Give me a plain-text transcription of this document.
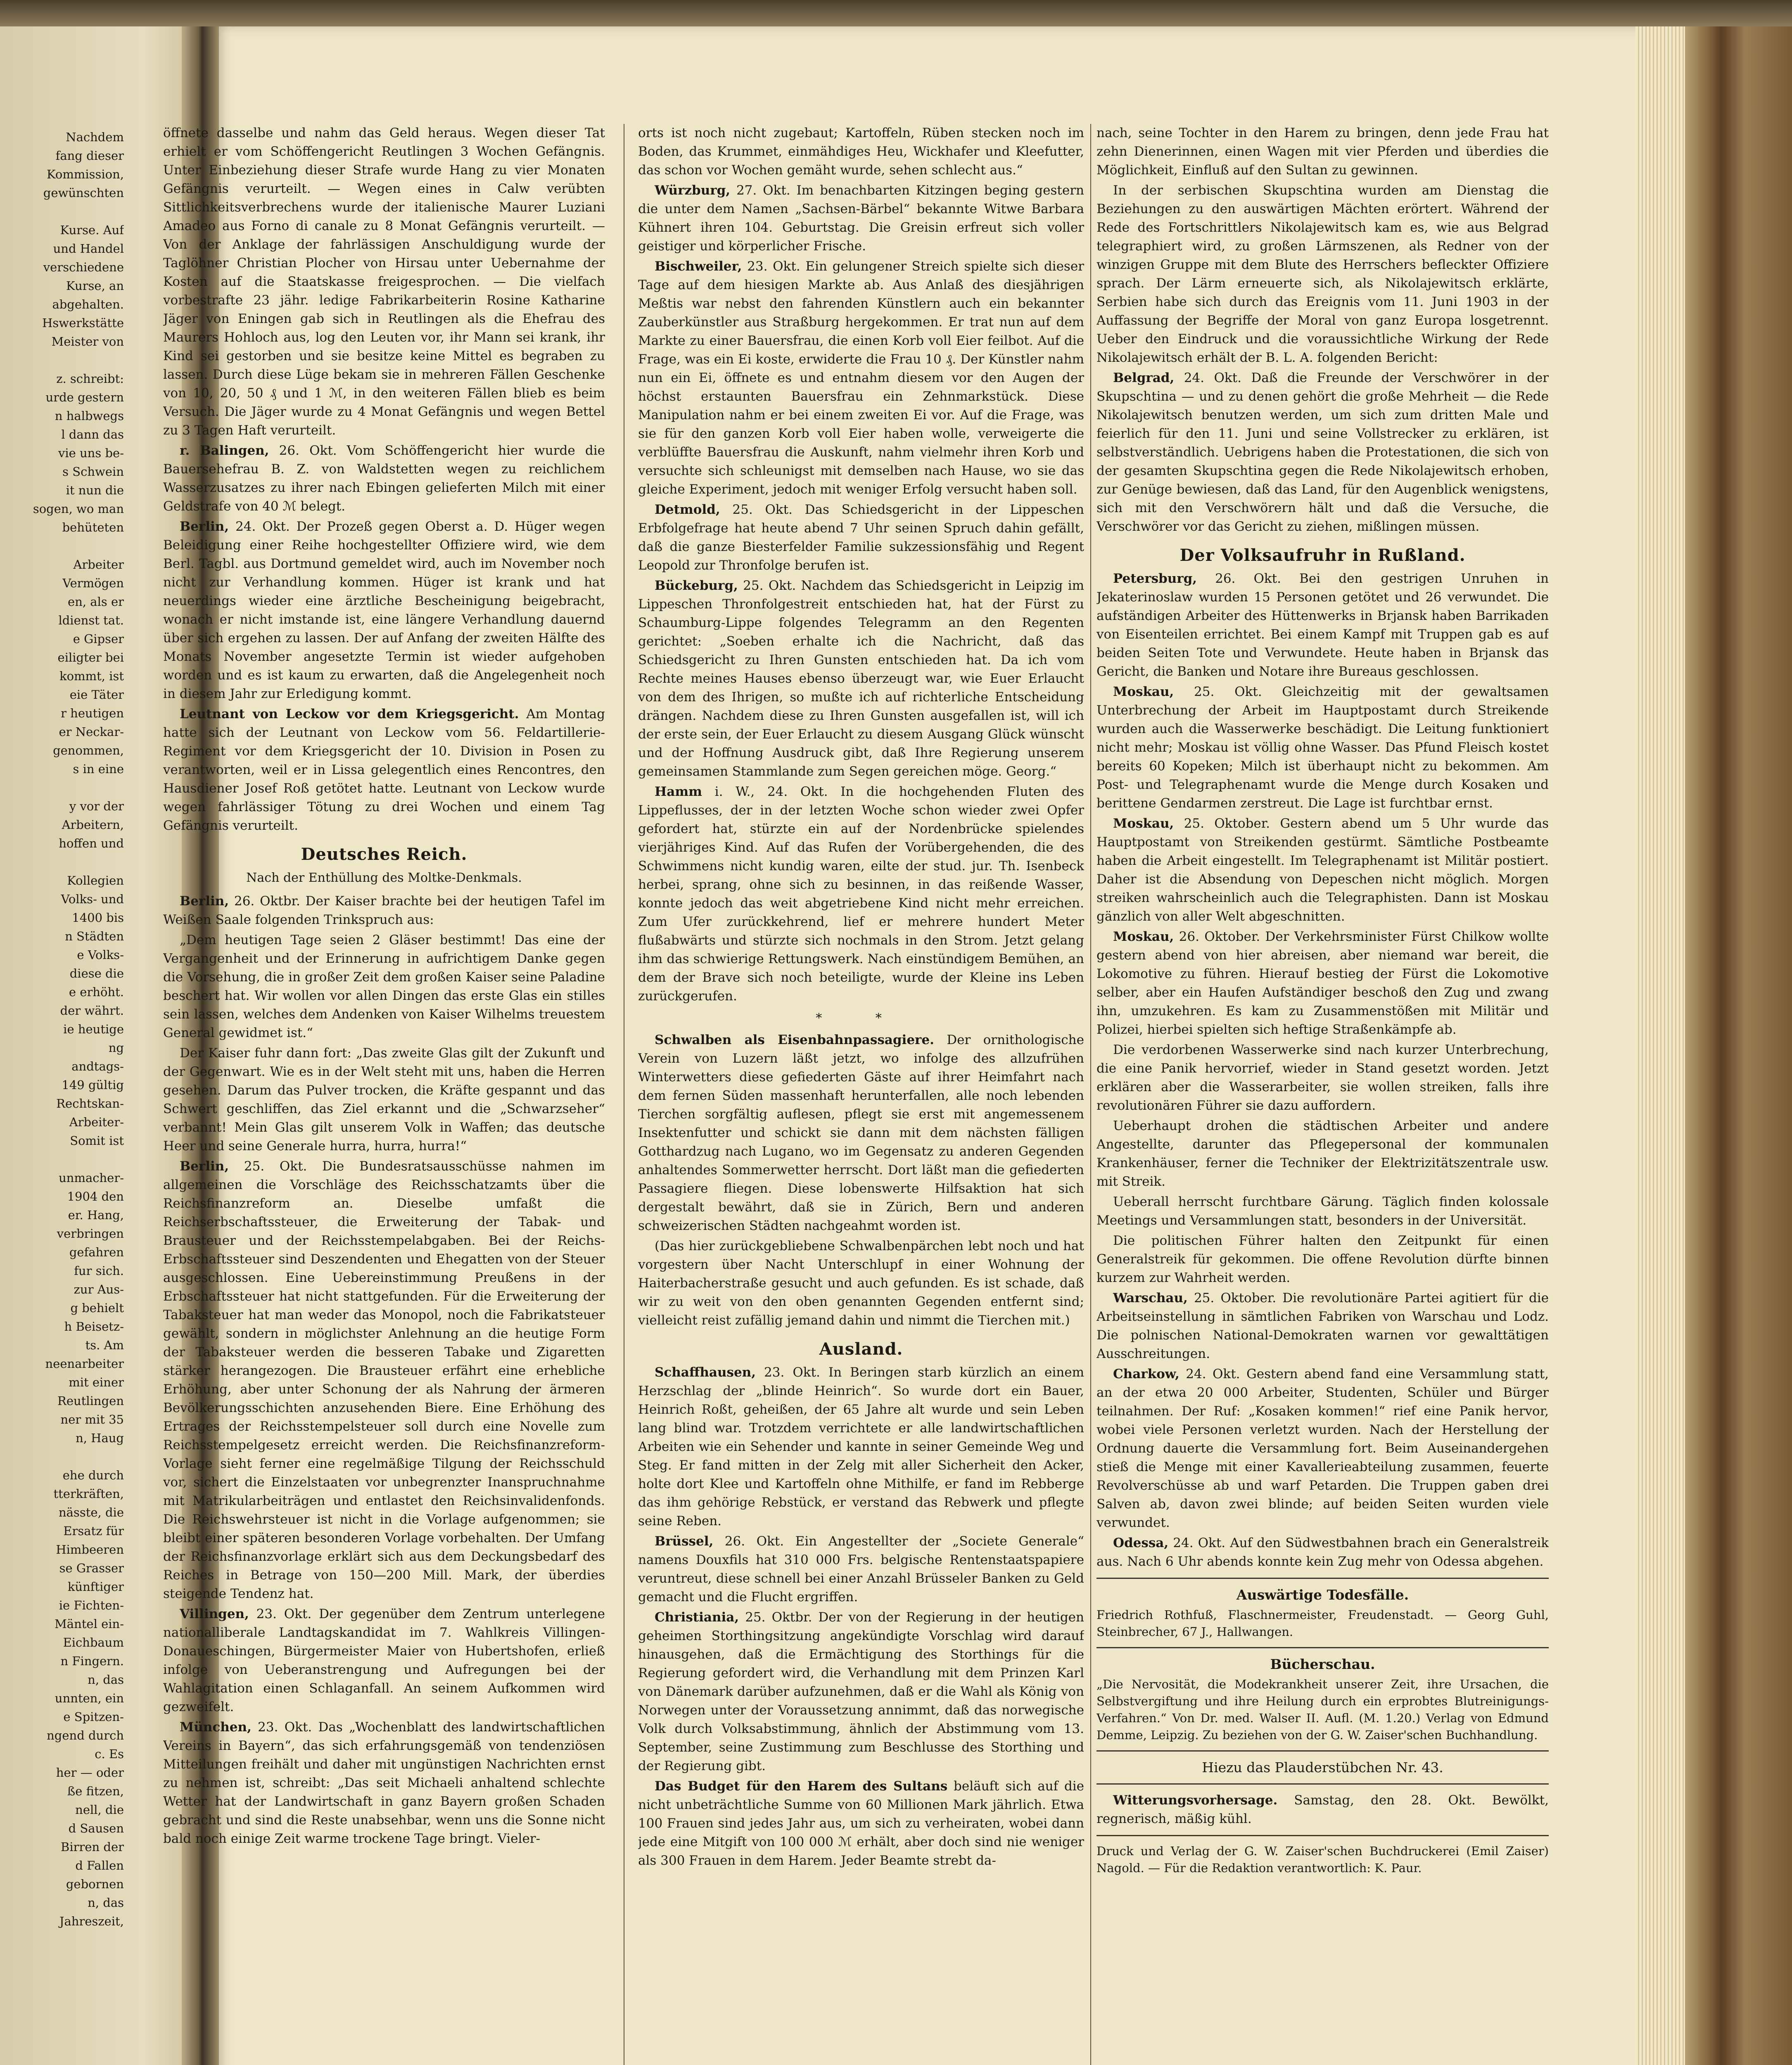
Nachdem

fang dieser

Kommission,

gewünschten

Kurse. Auf

und Handel

verschiedene

Kurse, an

abgehalten.

Hswerkstätte

Meister von

z. schreibt:

urde gestern

n halbwegs

l dann das

vie uns be-

s Schwein

it nun die

sogen, wo man

behüteten

Arbeiter

Vermögen

en, als er

ldienst tat.

e Gipser

eiligter bei

kommt, ist

eie Täter

r heutigen

er Neckar-

genommen,

s in eine

y vor der

Arbeitern,

hoffen und

Kollegien

Volks- und

1400 bis

n Städten

e Volks-

diese die

e erhöht.

der währt.

ie heutige

ng

andtags-

149 gültig

Rechtskan-

Arbeiter-

Somit ist

unmacher-

1904 den

er. Hang,

verbringen

gefahren

fur sich.

zur Aus-

g behielt

h Beisetz-

ts. Am

neenarbeiter

mit einer

Reutlingen

ner mit 35

n, Haug

ehe durch

tterkräften,

nässte, die

Ersatz für

Himbeeren

se Grasser

künftiger

ie Fichten-

Mäntel ein-

Eichbaum

n Fingern.

n, das

unnten, ein

e Spitzen-

ngend durch

c. Es

her — oder

ße fitzen,

nell, die

d Sausen

Birren der

d Fallen

gebornen

n, das

Jahreszeit,

öffnete dasselbe und nahm das Geld heraus. Wegen dieser Tat erhielt er vom Schöffengericht Reutlingen 3 Wochen Gefängnis. Unter Einbeziehung dieser Strafe wurde Hang zu vier Monaten Gefängnis verurteilt. — Wegen eines in Calw verübten Sittlichkeitsverbrechens wurde der italienische Maurer Luziani Amadeo aus Forno di canale zu 8 Monat Gefängnis verurteilt. — Von der Anklage der fahrlässigen Anschuldigung wurde der Taglöhner Christian Plocher von Hirsau unter Uebernahme der Kosten auf die Staatskasse freigesprochen. — Die vielfach vorbestrafte 23 jähr. ledige Fabrikarbeiterin Rosine Katharine Jäger von Eningen gab sich in Reutlingen als die Ehefrau des Maurers Hohloch aus, log den Leuten vor, ihr Mann sei krank, ihr Kind sei gestorben und sie besitze keine Mittel es begraben zu lassen. Durch diese Lüge bekam sie in mehreren Fällen Geschenke von 10, 20, 50 ₰ und 1 ℳ, in den weiteren Fällen blieb es beim Versuch. Die Jäger wurde zu 4 Monat Gefängnis und wegen Bettel zu 3 Tagen Haft verurteilt.

r. Balingen, 26. Okt. Vom Schöffengericht hier wurde die Bauersehefrau B. Z. von Waldstetten wegen zu reichlichem Wasserzusatzes zu ihrer nach Ebingen gelieferten Milch mit einer Geldstrafe von 40 ℳ belegt.

Berlin, 24. Okt. Der Prozeß gegen Oberst a. D. Hüger wegen Beleidigung einer Reihe hochgestellter Offiziere wird, wie dem Berl. Tagbl. aus Dortmund gemeldet wird, auch im November noch nicht zur Verhandlung kommen. Hüger ist krank und hat neuerdings wieder eine ärztliche Bescheinigung beigebracht, wonach er nicht imstande ist, eine längere Verhandlung dauernd über sich ergehen zu lassen. Der auf Anfang der zweiten Hälfte des Monats November angesetzte Termin ist wieder aufgehoben worden und es ist kaum zu erwarten, daß die Angelegenheit noch in diesem Jahr zur Erledigung kommt.

Leutnant von Leckow vor dem Kriegsgericht. Am Montag hatte sich der Leutnant von Leckow vom 56. Feldartillerie-Regiment vor dem Kriegsgericht der 10. Division in Posen zu verantworten, weil er in Lissa gelegentlich eines Rencontres, den Hausdiener Josef Roß getötet hatte. Leutnant von Leckow wurde wegen fahrlässiger Tötung zu drei Wochen und einem Tag Gefängnis verurteilt.

Deutsches Reich.
Nach der Enthüllung des Moltke-Denkmals.

Berlin, 26. Oktbr. Der Kaiser brachte bei der heutigen Tafel im Weißen Saale folgenden Trinkspruch aus:

„Dem heutigen Tage seien 2 Gläser bestimmt! Das eine der Vergangenheit und der Erinnerung in aufrichtigem Danke gegen die Vorsehung, die in großer Zeit dem großen Kaiser seine Paladine beschert hat. Wir wollen vor allen Dingen das erste Glas ein stilles sein lassen, welches dem Andenken von Kaiser Wilhelms treuestem General gewidmet ist.“

Der Kaiser fuhr dann fort: „Das zweite Glas gilt der Zukunft und der Gegenwart. Wie es in der Welt steht mit uns, haben die Herren gesehen. Darum das Pulver trocken, die Kräfte gespannt und das Schwert geschliffen, das Ziel erkannt und die „Schwarzseher“ verbannt! Mein Glas gilt unserem Volk in Waffen; das deutsche Heer und seine Generale hurra, hurra, hurra!“

Berlin, 25. Okt. Die Bundesratsausschüsse nahmen im allgemeinen die Vorschläge des Reichsschatzamts über die Reichsfinanzreform an. Dieselbe umfaßt die Reichserbschaftssteuer, die Erweiterung der Tabak- und Brausteuer und der Reichsstempelabgaben. Bei der Reichs-Erbschaftssteuer sind Deszendenten und Ehegatten von der Steuer ausgeschlossen. Eine Uebereinstimmung Preußens in der Erbschaftssteuer hat nicht stattgefunden. Für die Erweiterung der Tabaksteuer hat man weder das Monopol, noch die Fabrikatsteuer gewählt, sondern in möglichster Anlehnung an die heutige Form der Tabaksteuer werden die besseren Tabake und Zigaretten stärker herangezogen. Die Brausteuer erfährt eine erhebliche Erhöhung, aber unter Schonung der als Nahrung der ärmeren Bevölkerungsschichten anzusehenden Biere. Eine Erhöhung des Ertrages der Reichsstempelsteuer soll durch eine Novelle zum Reichsstempelgesetz erreicht werden. Die Reichsfinanzreform-Vorlage sieht ferner eine regelmäßige Tilgung der Reichsschuld vor, sichert die Einzelstaaten vor unbegrenzter Inanspruchnahme mit Matrikularbeiträgen und entlastet den Reichsinvalidenfonds. Die Reichswehrsteuer ist nicht in die Vorlage aufgenommen; sie bleibt einer späteren besonderen Vorlage vorbehalten. Der Umfang der Reichsfinanzvorlage erklärt sich aus dem Deckungsbedarf des Reiches in Betrage von 150—200 Mill. Mark, der überdies steigende Tendenz hat.

Villingen, 23. Okt. Der gegenüber dem Zentrum unterlegene nationalliberale Landtagskandidat im 7. Wahlkreis Villingen-Donaueschingen, Bürgermeister Maier von Hubertshofen, erließ infolge von Ueberanstrengung und Aufregungen bei der Wahlagitation einen Schlaganfall. An seinem Aufkommen wird gezweifelt.

München, 23. Okt. Das „Wochenblatt des landwirtschaftlichen Vereins in Bayern“, das sich erfahrungsgemäß von tendenziösen Mitteilungen freihält und daher mit ungünstigen Nachrichten ernst zu nehmen ist, schreibt: „Das seit Michaeli anhaltend schlechte Wetter hat der Landwirtschaft in ganz Bayern großen Schaden gebracht und sind die Reste unabsehbar, wenn uns die Sonne nicht bald noch einige Zeit warme trockene Tage bringt. Vieler-

orts ist noch nicht zugebaut; Kartoffeln, Rüben stecken noch im Boden, das Krummet, einmähdiges Heu, Wickhafer und Kleefutter, das schon vor Wochen gemäht wurde, sehen schlecht aus.“

Würzburg, 27. Okt. Im benachbarten Kitzingen beging gestern die unter dem Namen „Sachsen-Bärbel“ bekannte Witwe Barbara Kühnert ihren 104. Geburtstag. Die Greisin erfreut sich voller geistiger und körperlicher Frische.

Bischweiler, 23. Okt. Ein gelungener Streich spielte sich dieser Tage auf dem hiesigen Markte ab. Aus Anlaß des diesjährigen Meßtis war nebst den fahrenden Künstlern auch ein bekannter Zauberkünstler aus Straßburg hergekommen. Er trat nun auf dem Markte zu einer Bauersfrau, die einen Korb voll Eier feilbot. Auf die Frage, was ein Ei koste, erwiderte die Frau 10 ₰. Der Künstler nahm nun ein Ei, öffnete es und entnahm diesem vor den Augen der höchst erstaunten Bauersfrau ein Zehnmarkstück. Diese Manipulation nahm er bei einem zweiten Ei vor. Auf die Frage, was sie für den ganzen Korb voll Eier haben wolle, verweigerte die verblüffte Bauersfrau die Auskunft, nahm vielmehr ihren Korb und versuchte sich schleunigst mit demselben nach Hause, wo sie das gleiche Experiment, jedoch mit weniger Erfolg versucht haben soll.

Detmold, 25. Okt. Das Schiedsgericht in der Lippeschen Erbfolgefrage hat heute abend 7 Uhr seinen Spruch dahin gefällt, daß die ganze Biesterfelder Familie sukzessionsfähig und Regent Leopold zur Thronfolge berufen ist.

Bückeburg, 25. Okt. Nachdem das Schiedsgericht in Leipzig im Lippeschen Thronfolgestreit entschieden hat, hat der Fürst zu Schaumburg-Lippe folgendes Telegramm an den Regenten gerichtet: „Soeben erhalte ich die Nachricht, daß das Schiedsgericht zu Ihren Gunsten entschieden hat. Da ich vom Rechte meines Hauses ebenso überzeugt war, wie Euer Erlaucht von dem des Ihrigen, so mußte ich auf richterliche Entscheidung drängen. Nachdem diese zu Ihren Gunsten ausgefallen ist, will ich der erste sein, der Euer Erlaucht zu diesem Ausgang Glück wünscht und der Hoffnung Ausdruck gibt, daß Ihre Regierung unserem gemeinsamen Stammlande zum Segen gereichen möge. Georg.“

Hamm i. W., 24. Okt. In die hochgehenden Fluten des Lippeflusses, der in der letzten Woche schon wieder zwei Opfer gefordert hat, stürzte ein auf der Nordenbrücke spielendes vierjähriges Kind. Auf das Rufen der Vorübergehenden, die des Schwimmens nicht kundig waren, eilte der stud. jur. Th. Isenbeck herbei, sprang, ohne sich zu besinnen, in das reißende Wasser, konnte jedoch das weit abgetriebene Kind nicht mehr erreichen. Zum Ufer zurückkehrend, lief er mehrere hundert Meter flußabwärts und stürzte sich nochmals in den Strom. Jetzt gelang ihm das schwierige Rettungswerk. Nach einstündigem Bemühen, an dem der Brave sich noch beteiligte, wurde der Kleine ins Leben zurückgerufen.

* *

Schwalben als Eisenbahnpassagiere. Der ornithologische Verein von Luzern läßt jetzt, wo infolge des allzufrühen Winterwetters diese gefiederten Gäste auf ihrer Heimfahrt nach dem fernen Süden massenhaft herunterfallen, alle noch lebenden Tierchen sorgfältig auflesen, pflegt sie erst mit angemessenem Insektenfutter und schickt sie dann mit dem nächsten fälligen Gotthardzug nach Lugano, wo im Gegensatz zu anderen Gegenden anhaltendes Sommerwetter herrscht. Dort läßt man die gefiederten Passagiere fliegen. Diese lobenswerte Hilfsaktion hat sich dergestalt bewährt, daß sie in Zürich, Bern und anderen schweizerischen Städten nachgeahmt worden ist.

(Das hier zurückgebliebene Schwalbenpärchen lebt noch und hat vorgestern über Nacht Unterschlupf in einer Wohnung der Haiterbacherstraße gesucht und auch gefunden. Es ist schade, daß wir zu weit von den oben genannten Gegenden entfernt sind; vielleicht reist zufällig jemand dahin und nimmt die Tierchen mit.)

Ausland.

Schaffhausen, 23. Okt. In Beringen starb kürzlich an einem Herzschlag der „blinde Heinrich“. So wurde dort ein Bauer, Heinrich Roßt, geheißen, der 65 Jahre alt wurde und sein Leben lang blind war. Trotzdem verrichtete er alle landwirtschaftlichen Arbeiten wie ein Sehender und kannte in seiner Gemeinde Weg und Steg. Er fand mitten in der Zelg mit aller Sicherheit den Acker, holte dort Klee und Kartoffeln ohne Mithilfe, er fand im Rebberge das ihm gehörige Rebstück, er verstand das Rebwerk und pflegte seine Reben.

Brüssel, 26. Okt. Ein Angestellter der „Societe Generale“ namens Douxfils hat 310 000 Frs. belgische Rentenstaatspapiere veruntreut, diese schnell bei einer Anzahl Brüsseler Banken zu Geld gemacht und die Flucht ergriffen.

Christiania, 25. Oktbr. Der von der Regierung in der heutigen geheimen Storthingsitzung angekündigte Vorschlag wird darauf hinausgehen, daß die Ermächtigung des Storthings für die Regierung gefordert wird, die Verhandlung mit dem Prinzen Karl von Dänemark darüber aufzunehmen, daß er die Wahl als König von Norwegen unter der Voraussetzung annimmt, daß das norwegische Volk durch Volksabstimmung, ähnlich der Abstimmung vom 13. September, seine Zustimmung zum Beschlusse des Storthing und der Regierung gibt.

Das Budget für den Harem des Sultans beläuft sich auf die nicht unbeträchtliche Summe von 60 Millionen Mark jährlich. Etwa 100 Frauen sind jedes Jahr aus, um sich zu verheiraten, wobei dann jede eine Mitgift von 100 000 ℳ erhält, aber doch sind nie weniger als 300 Frauen in dem Harem. Jeder Beamte strebt da-

nach, seine Tochter in den Harem zu bringen, denn jede Frau hat zehn Dienerinnen, einen Wagen mit vier Pferden und überdies die Möglichkeit, Einfluß auf den Sultan zu gewinnen.

In der serbischen Skupschtina wurden am Dienstag die Beziehungen zu den auswärtigen Mächten erörtert. Während der Rede des Fortschrittlers Nikolajewitsch kam es, wie aus Belgrad telegraphiert wird, zu großen Lärmszenen, als Redner von der winzigen Gruppe mit dem Blute des Herrschers befleckter Offiziere sprach. Der Lärm erneuerte sich, als Nikolajewitsch erklärte, Serbien habe sich durch das Ereignis vom 11. Juni 1903 in der Auffassung der Begriffe der Moral von ganz Europa losgetrennt. Ueber den Eindruck und die voraussichtliche Wirkung der Rede Nikolajewitsch erhält der B. L. A. folgenden Bericht:

Belgrad, 24. Okt. Daß die Freunde der Verschwörer in der Skupschtina — und zu denen gehört die große Mehrheit — die Rede Nikolajewitsch benutzen werden, um sich zum dritten Male und feierlich für den 11. Juni und seine Vollstrecker zu erklären, ist selbstverständlich. Uebrigens haben die Protestationen, die sich von der gesamten Skupschtina gegen die Rede Nikolajewitsch erhoben, zur Genüge bewiesen, daß das Land, für den Augenblick wenigstens, sich mit den Verschwörern hält und daß die Versuche, die Verschwörer vor das Gericht zu ziehen, mißlingen müssen.

Der Volksaufruhr in Rußland.

Petersburg, 26. Okt. Bei den gestrigen Unruhen in Jekaterinoslaw wurden 15 Personen getötet und 26 verwundet. Die aufständigen Arbeiter des Hüttenwerks in Brjansk haben Barrikaden von Eisenteilen errichtet. Bei einem Kampf mit Truppen gab es auf beiden Seiten Tote und Verwundete. Heute haben in Brjansk das Gericht, die Banken und Notare ihre Bureaus geschlossen.

Moskau, 25. Okt. Gleichzeitig mit der gewaltsamen Unterbrechung der Arbeit im Hauptpostamt durch Streikende wurden auch die Wasserwerke beschädigt. Die Leitung funktioniert nicht mehr; Moskau ist völlig ohne Wasser. Das Pfund Fleisch kostet bereits 60 Kopeken; Milch ist überhaupt nicht zu bekommen. Am Post- und Telegraphenamt wurde die Menge durch Kosaken und berittene Gendarmen zerstreut. Die Lage ist furchtbar ernst.

Moskau, 25. Oktober. Gestern abend um 5 Uhr wurde das Hauptpostamt von Streikenden gestürmt. Sämtliche Postbeamte haben die Arbeit eingestellt. Im Telegraphenamt ist Militär postiert. Daher ist die Absendung von Depeschen nicht möglich. Morgen streiken wahrscheinlich auch die Telegraphisten. Dann ist Moskau gänzlich von aller Welt abgeschnitten.

Moskau, 26. Oktober. Der Verkehrsminister Fürst Chilkow wollte gestern abend von hier abreisen, aber niemand war bereit, die Lokomotive zu führen. Hierauf bestieg der Fürst die Lokomotive selber, aber ein Haufen Aufständiger beschoß den Zug und zwang ihn, umzukehren. Es kam zu Zusammenstößen mit Militär und Polizei, hierbei spielten sich heftige Straßenkämpfe ab.

Die verdorbenen Wasserwerke sind nach kurzer Unterbrechung, die eine Panik hervorrief, wieder in Stand gesetzt worden. Jetzt erklären aber die Wasserarbeiter, sie wollen streiken, falls ihre revolutionären Führer sie dazu auffordern.

Ueberhaupt drohen die städtischen Arbeiter und andere Angestellte, darunter das Pflegepersonal der kommunalen Krankenhäuser, ferner die Techniker der Elektrizitätszentrale usw. mit Streik.

Ueberall herrscht furchtbare Gärung. Täglich finden kolossale Meetings und Versammlungen statt, besonders in der Universität.

Die politischen Führer halten den Zeitpunkt für einen Generalstreik für gekommen. Die offene Revolution dürfte binnen kurzem zur Wahrheit werden.

Warschau, 25. Oktober. Die revolutionäre Partei agitiert für die Arbeitseinstellung in sämtlichen Fabriken von Warschau und Lodz. Die polnischen National-Demokraten warnen vor gewalttätigen Ausschreitungen.

Charkow, 24. Okt. Gestern abend fand eine Versammlung statt, an der etwa 20 000 Arbeiter, Studenten, Schüler und Bürger teilnahmen. Der Ruf: „Kosaken kommen!“ rief eine Panik hervor, wobei viele Personen verletzt wurden. Nach der Herstellung der Ordnung dauerte die Versammlung fort. Beim Auseinandergehen stieß die Menge mit einer Kavallerieabteilung zusammen, feuerte Revolverschüsse ab und warf Petarden. Die Truppen gaben drei Salven ab, davon zwei blinde; auf beiden Seiten wurden viele verwundet.

Odessa, 24. Okt. Auf den Südwestbahnen brach ein Generalstreik aus. Nach 6 Uhr abends konnte kein Zug mehr von Odessa abgehen.

Auswärtige Todesfälle.

Friedrich Rothfuß, Flaschnermeister, Freudenstadt. — Georg Guhl, Steinbrecher, 67 J., Hallwangen.

Bücherschau.

„Die Nervosität, die Modekrankheit unserer Zeit, ihre Ursachen, die Selbstvergiftung und ihre Heilung durch ein erprobtes Blutreinigungs-Verfahren.“ Von Dr. med. Walser II. Aufl. (M. 1.20.) Verlag von Edmund Demme, Leipzig. Zu beziehen von der G. W. Zaiser'schen Buchhandlung.

Hiezu das Plauderstübchen Nr. 43.

Witterungsvorhersage. Samstag, den 28. Okt. Bewölkt, regnerisch, mäßig kühl.

Druck und Verlag der G. W. Zaiser'schen Buchdruckerei (Emil Zaiser) Nagold. — Für die Redaktion verantwortlich: K. Paur.
